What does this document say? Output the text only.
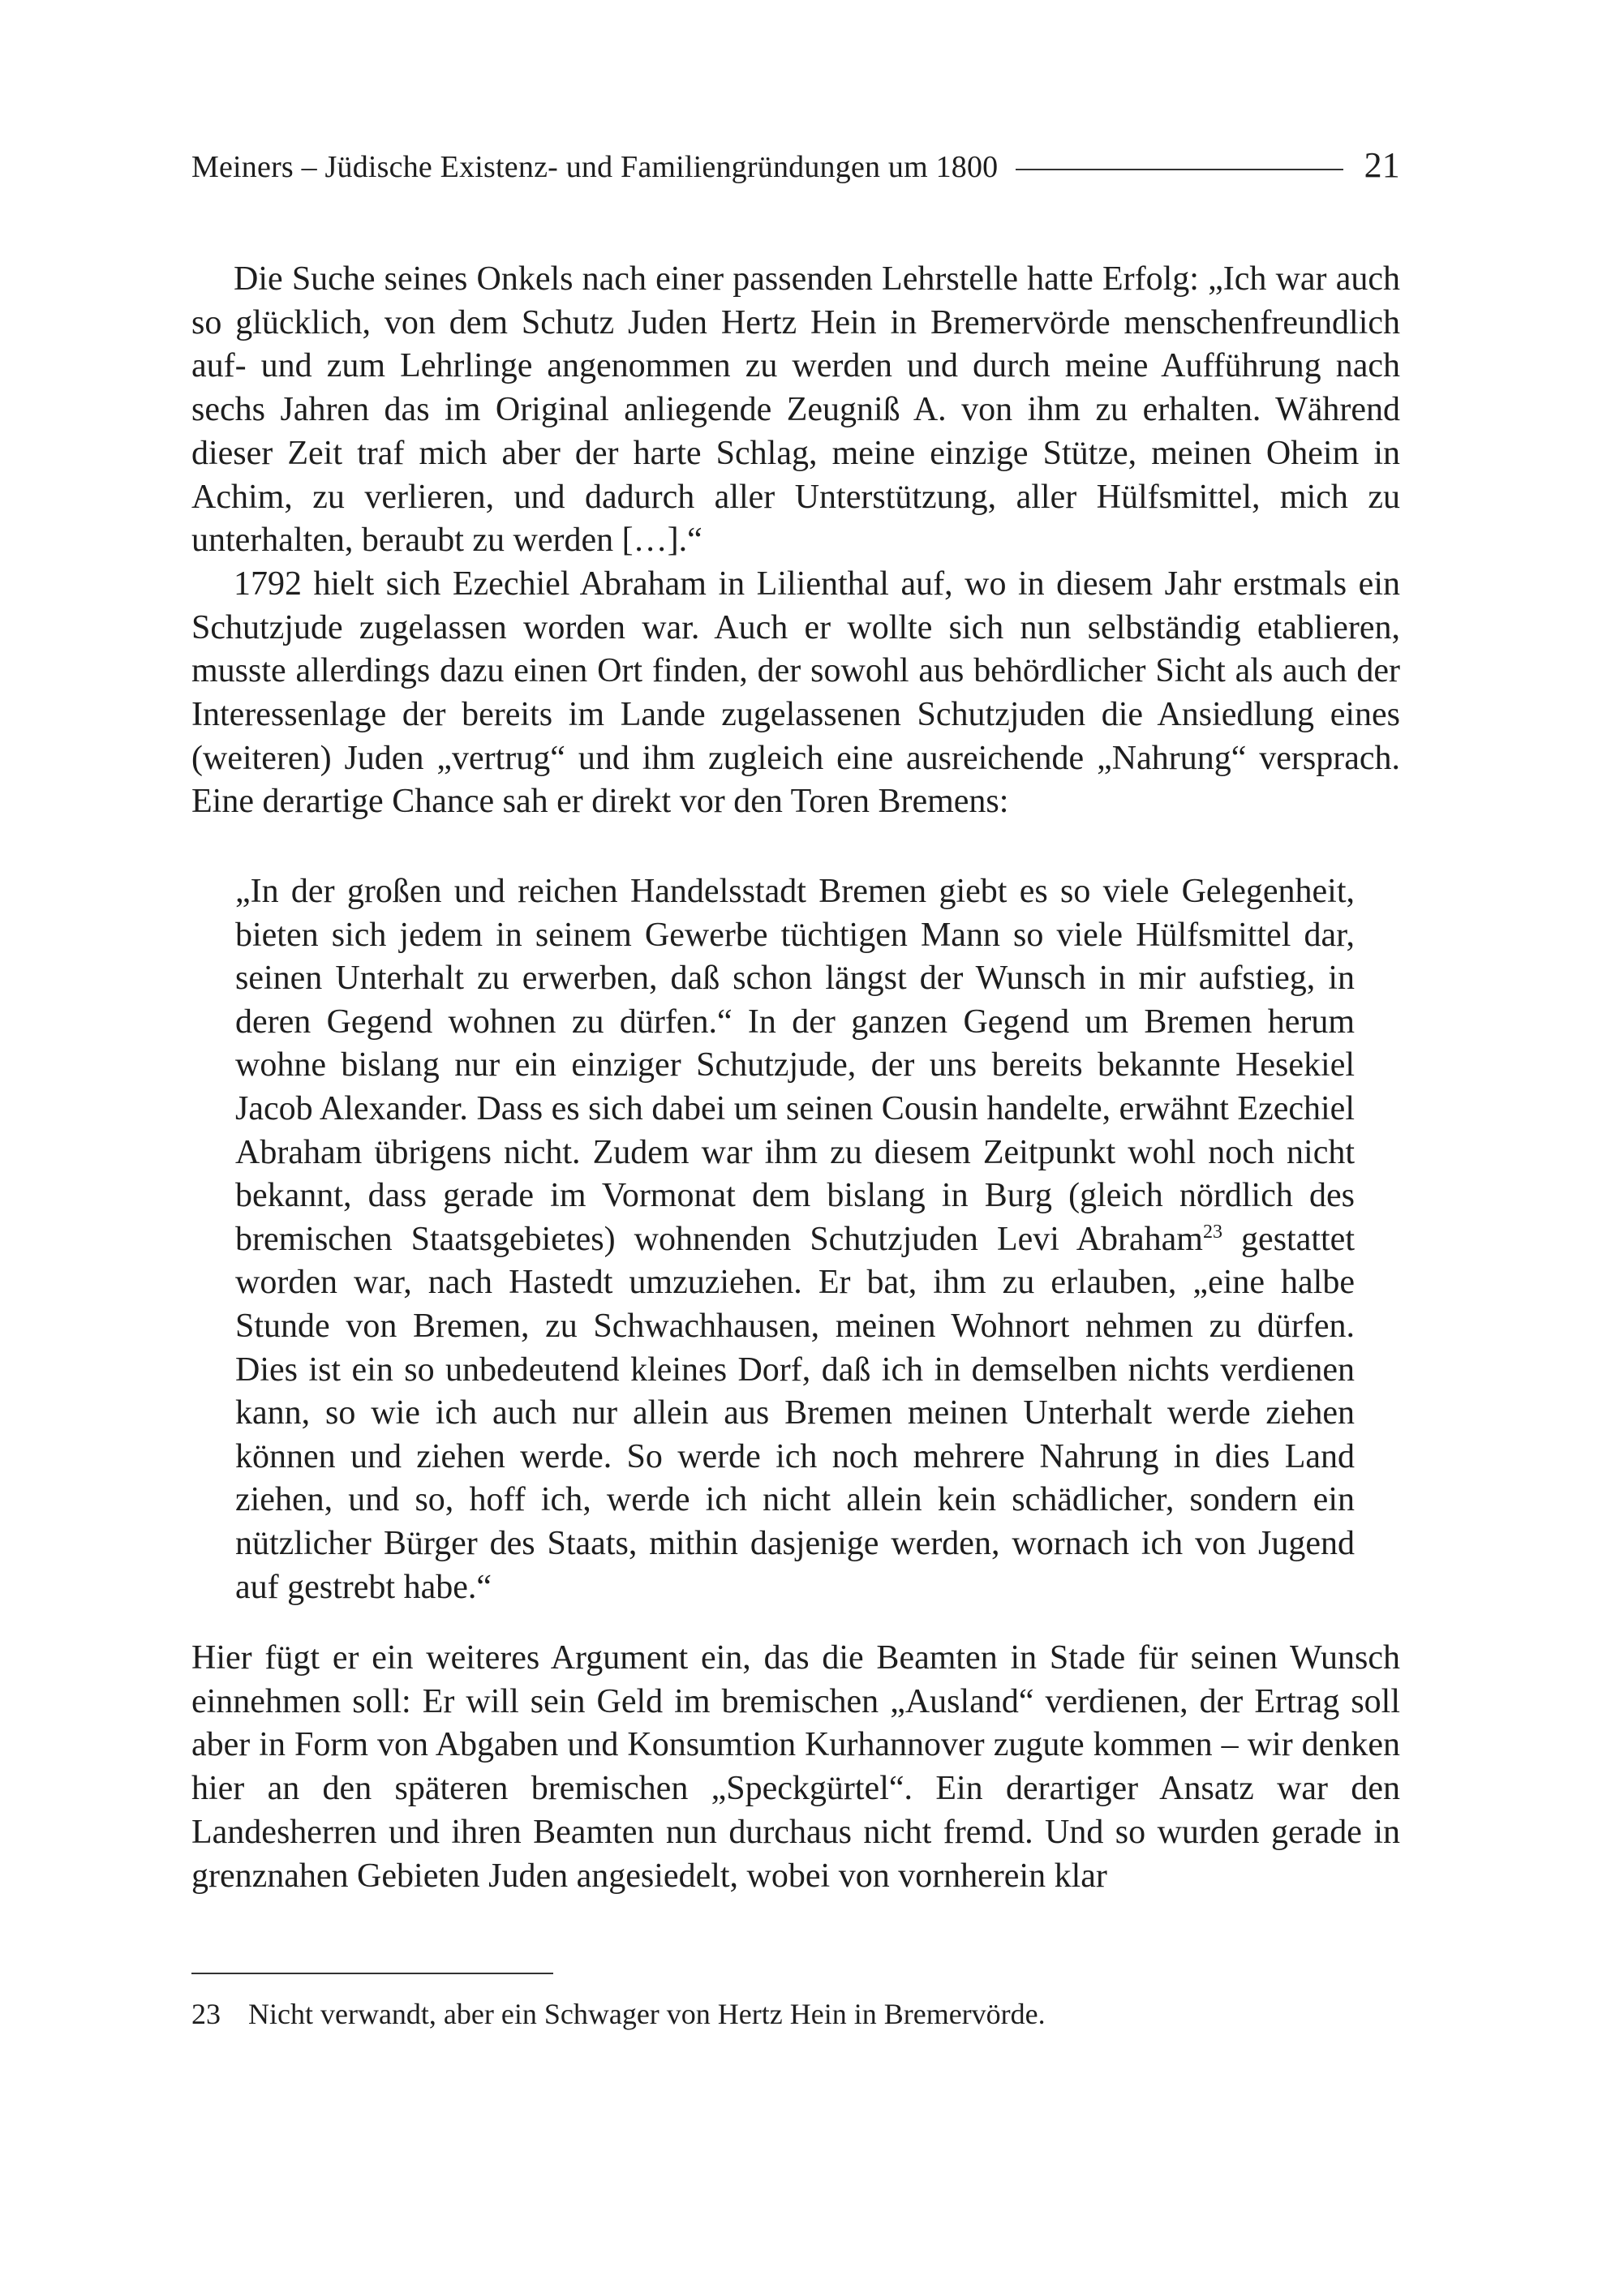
Meiners – Jüdische Existenz- und Familiengründungen um 1800	21

Die Suche seines Onkels nach einer passenden Lehrstelle hatte Erfolg: „Ich war auch so glücklich, von dem Schutz Juden Hertz Hein in Bremervörde menschenfreundlich auf- und zum Lehrlinge angenommen zu werden und durch meine Aufführung nach sechs Jahren das im Original anliegende Zeugniß A. von ihm zu erhalten. Während dieser Zeit traf mich aber der harte Schlag, meine einzige Stütze, meinen Oheim in Achim, zu verlieren, und dadurch aller Unterstützung, aller Hülfsmittel, mich zu unterhalten, beraubt zu werden […].“

1792 hielt sich Ezechiel Abraham in Lilienthal auf, wo in diesem Jahr erstmals ein Schutzjude zugelassen worden war. Auch er wollte sich nun selbständig etablieren, musste allerdings dazu einen Ort finden, der sowohl aus behördlicher Sicht als auch der Interessenlage der bereits im Lande zugelassenen Schutzjuden die Ansiedlung eines (weiteren) Juden „vertrug“ und ihm zugleich eine ausreichende „Nahrung“ versprach. Eine derartige Chance sah er direkt vor den Toren Bremens:

„In der großen und reichen Handelsstadt Bremen giebt es so viele Gelegenheit, bieten sich jedem in seinem Gewerbe tüchtigen Mann so viele Hülfsmittel dar, seinen Unterhalt zu erwerben, daß schon längst der Wunsch in mir aufstieg, in deren Gegend wohnen zu dürfen.“ In der ganzen Gegend um Bremen herum wohne bislang nur ein einziger Schutzjude, der uns bereits bekannte Hesekiel Jacob Alexander. Dass es sich dabei um seinen Cousin handelte, erwähnt Ezechiel Abraham übrigens nicht. Zudem war ihm zu diesem Zeitpunkt wohl noch nicht bekannt, dass gerade im Vormonat dem bislang in Burg (gleich nördlich des bremischen Staatsgebietes) wohnenden Schutzjuden Levi Abraham$^{23}$ gestattet worden war, nach Hastedt umzuziehen. Er bat, ihm zu erlauben, „eine halbe Stunde von Bremen, zu Schwachhausen, meinen Wohnort nehmen zu dürfen. Dies ist ein so unbedeutend kleines Dorf, daß ich in demselben nichts verdienen kann, so wie ich auch nur allein aus Bremen meinen Unterhalt werde ziehen können und ziehen werde. So werde ich noch mehrere Nahrung in dies Land ziehen, und so, hoff ich, werde ich nicht allein kein schädlicher, sondern ein nützlicher Bürger des Staats, mithin dasjenige werden, wornach ich von Jugend auf gestrebt habe.“

Hier fügt er ein weiteres Argument ein, das die Beamten in Stade für seinen Wunsch einnehmen soll: Er will sein Geld im bremischen „Ausland“ verdienen, der Ertrag soll aber in Form von Abgaben und Konsumtion Kurhannover zugute kommen – wir denken hier an den späteren bremischen „Speckgürtel“. Ein derartiger Ansatz war den Landesherren und ihren Beamten nun durchaus nicht fremd. Und so wurden gerade in grenznahen Gebieten Juden angesiedelt, wobei von vornherein klar

23 Nicht verwandt, aber ein Schwager von Hertz Hein in Bremervörde.
